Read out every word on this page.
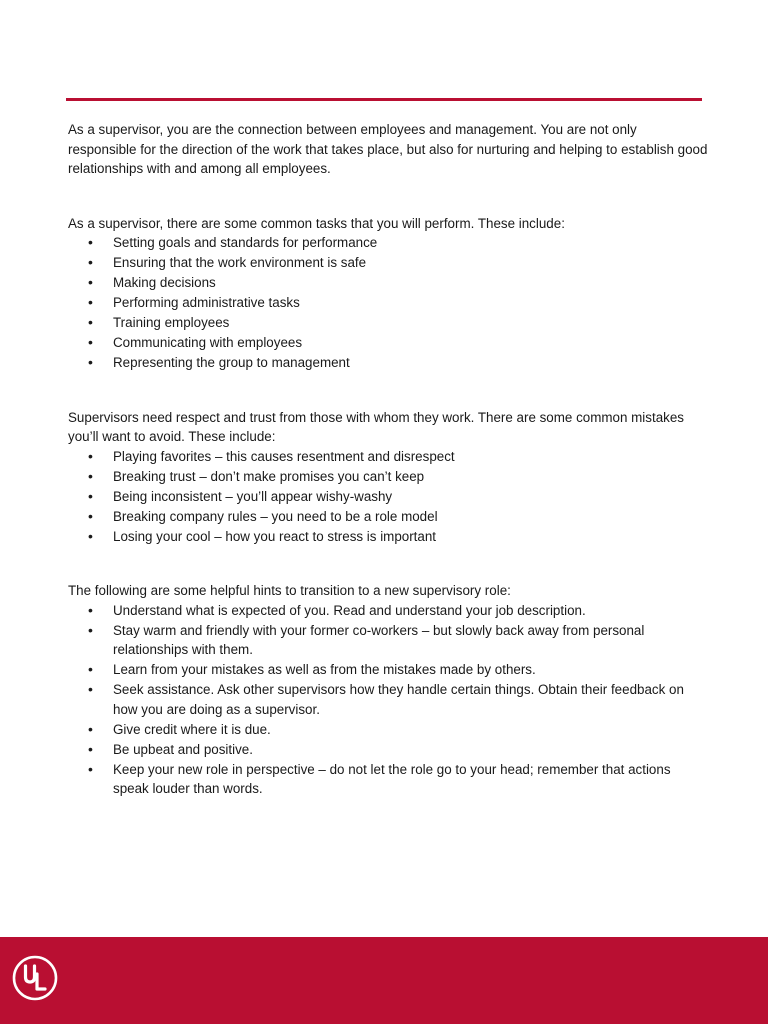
As a supervisor, you are the connection between employees and management. You are not only responsible for the direction of the work that takes place, but also for nurturing and helping to establish good relationships with and among all employees.

As a supervisor, there are some common tasks that you will perform. These include:

• Setting goals and standards for performance
• Ensuring that the work environment is safe
• Making decisions
• Performing administrative tasks
• Training employees
• Communicating with employees
• Representing the group to management

Supervisors need respect and trust from those with whom they work. There are some common mistakes you’ll want to avoid. These include:

• Playing favorites – this causes resentment and disrespect
• Breaking trust – don’t make promises you can’t keep
• Being inconsistent – you’ll appear wishy-washy
• Breaking company rules – you need to be a role model
• Losing your cool – how you react to stress is important

The following are some helpful hints to transition to a new supervisory role:

• Understand what is expected of you. Read and understand your job description.
• Stay warm and friendly with your former co-workers – but slowly back away from personal relationships with them.
• Learn from your mistakes as well as from the mistakes made by others.
• Seek assistance. Ask other supervisors how they handle certain things. Obtain their feedback on how you are doing as a supervisor.
• Give credit where it is due.
• Be upbeat and positive.
• Keep your new role in perspective – do not let the role go to your head; remember that actions speak louder than words.
